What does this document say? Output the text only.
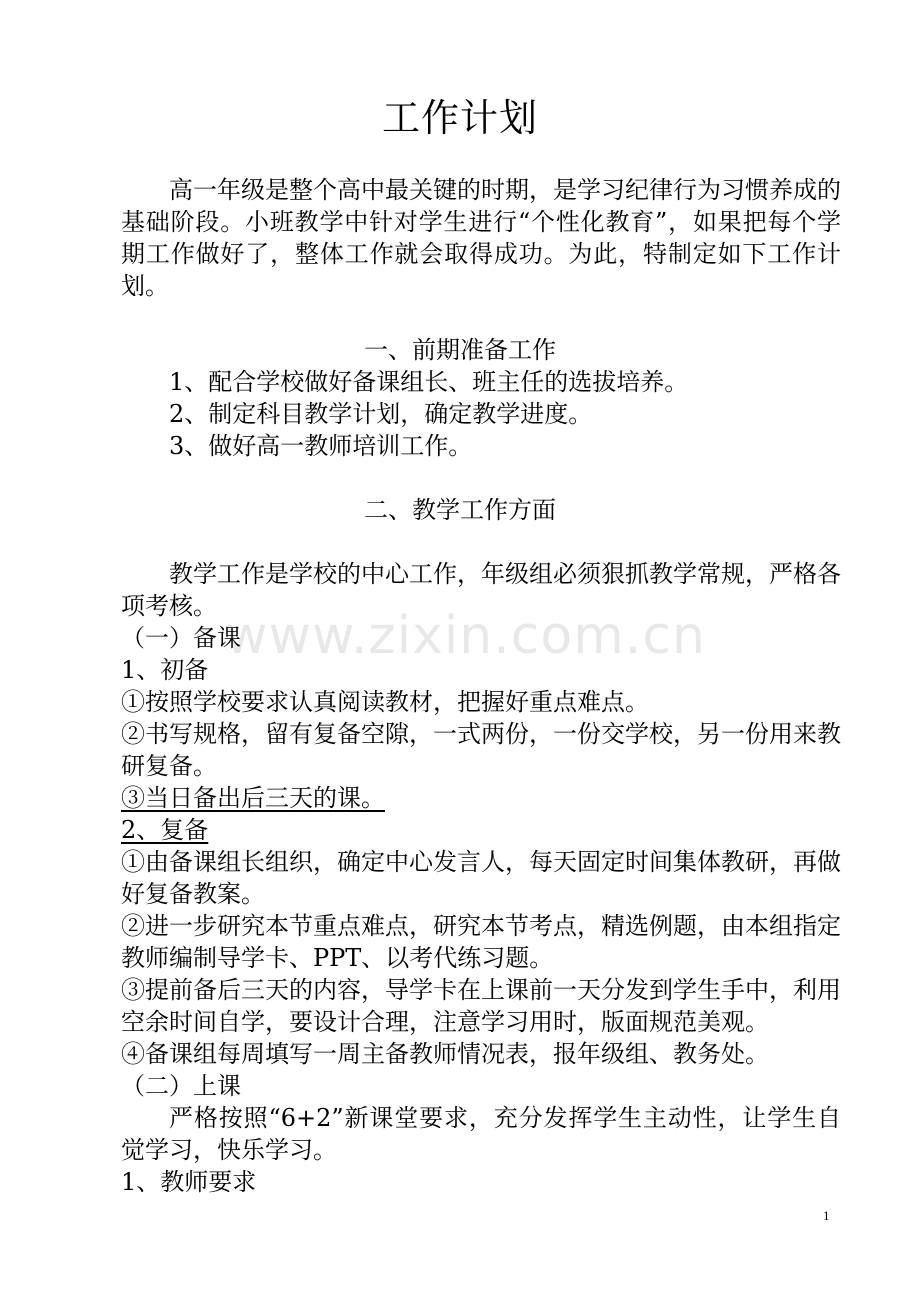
工作计划
高一年级是整个高中最关键的时期，是学习纪律行为习惯养成的基础阶段。小班教学中针对学生进行“个性化教育”，如果把每个学期工作做好了，整体工作就会取得成功。为此，特制定如下工作计划。
一、前期准备工作
1、配合学校做好备课组长、班主任的选拔培养。
2、制定科目教学计划，确定教学进度。
3、做好高一教师培训工作。
二、教学工作方面
教学工作是学校的中心工作，年级组必须狠抓教学常规，严格各项考核。
（一）备课
1、初备
①按照学校要求认真阅读教材，把握好重点难点。
②书写规格，留有复备空隙，一式两份，一份交学校，另一份用来教研复备。
③当日备出后三天的课。
2、复备
①由备课组长组织，确定中心发言人，每天固定时间集体教研，再做好复备教案。
②进一步研究本节重点难点，研究本节考点，精选例题，由本组指定教师编制导学卡、PPT、以考代练习题。
③提前备后三天的内容，导学卡在上课前一天分发到学生手中，利用空余时间自学，要设计合理，注意学习用时，版面规范美观。
④备课组每周填写一周主备教师情况表，报年级组、教务处。
（二）上课
严格按照“6+2”新课堂要求，充分发挥学生主动性，让学生自觉学习，快乐学习。
1、教师要求
www.zixin.com.cn
1
